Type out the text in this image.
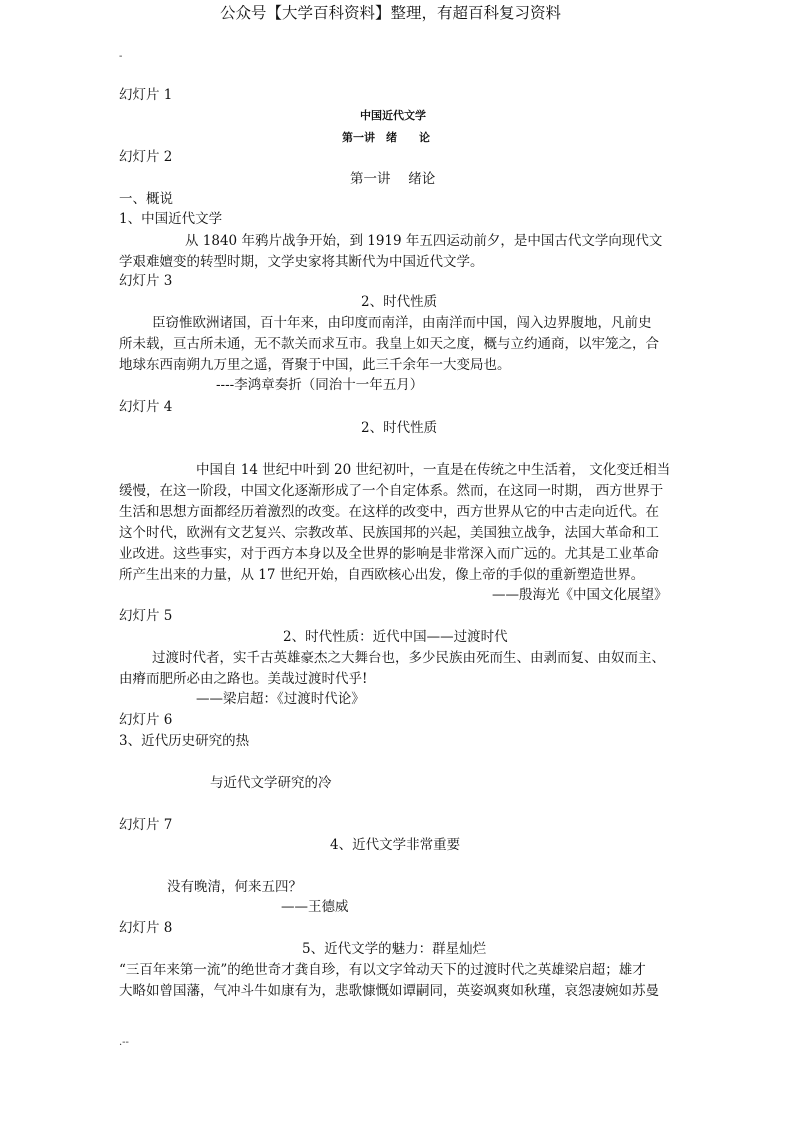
公众号【大学百科资料】整理，有超百科复习资料
-
幻灯片 1
中国近代文学
第一讲　绪　　论
幻灯片 2
第一讲　 绪论
一、概说
1、中国近代文学
从 1840 年鸦片战争开始，到 1919 年五四运动前夕，是中国古代文学向现代文
学艰难嬗变的转型时期，文学史家将其断代为中国近代文学。
幻灯片 3
2、时代性质
臣窃惟欧洲诸国，百十年来，由印度而南洋，由南洋而中国，闯入边界腹地，凡前史
所未载，亘古所未通，无不款关而求互市。我皇上如天之度，概与立约通商，以牢笼之，合
地球东西南朔九万里之遥，胥聚于中国，此三千余年一大变局也。
----李鸿章奏折（同治十一年五月）
幻灯片 4
2、时代性质
中国自 14 世纪中叶到 20 世纪初叶，一直是在传统之中生活着， 文化变迁相当
缓慢，在这一阶段，中国文化逐渐形成了一个自定体系。然而，在这同一时期， 西方世界于
生活和思想方面都经历着激烈的改变。在这样的改变中，西方世界从它的中古走向近代。在
这个时代，欧洲有文艺复兴、宗教改革、民族国邦的兴起，美国独立战争，法国大革命和工
业改进。这些事实，对于西方本身以及全世界的影响是非常深入而广远的。尤其是工业革命
所产生出来的力量，从 17 世纪开始，自西欧核心出发，像上帝的手似的重新塑造世界。
——殷海光《中国文化展望》
幻灯片 5
2、时代性质：近代中国——过渡时代
过渡时代者，实千古英雄豪杰之大舞台也，多少民族由死而生、由剥而复、由奴而主、
由瘠而肥所必由之路也。美哉过渡时代乎!
——梁启超：《过渡时代论》
幻灯片 6
3、近代历史研究的热
与近代文学研究的冷
幻灯片 7
4、近代文学非常重要
没有晚清，何来五四？
——王德威
幻灯片 8
5、近代文学的魅力：群星灿烂
“三百年来第一流”的绝世奇才龚自珍，有以文字耸动天下的过渡时代之英雄梁启超；雄才
大略如曾国藩，气冲斗牛如康有为，悲歌慷慨如谭嗣同，英姿飒爽如秋瑾，哀怨凄婉如苏曼
.--
